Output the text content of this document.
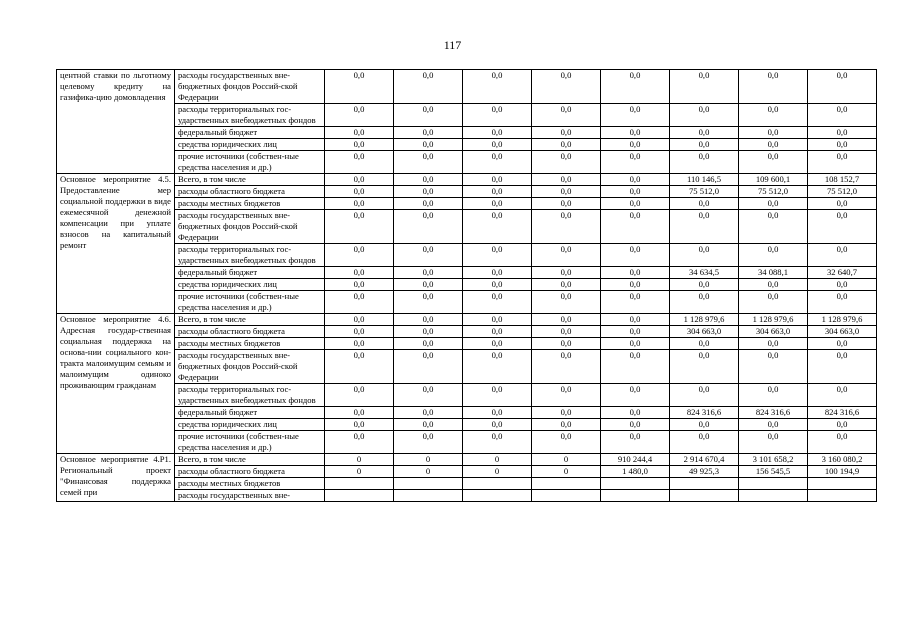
117
центной ставки по льготному целевому кредиту на газифика-цию домовладения	расходы государственных вне-бюджетных фондов Россий-ской Федерации	0,0	0,0	0,0	0,0	0,0	0,0	0,0	0,0
	расходы территориальных гос-ударственных внебюджетных фондов	0,0	0,0	0,0	0,0	0,0	0,0	0,0	0,0
	федеральный бюджет	0,0	0,0	0,0	0,0	0,0	0,0	0,0	0,0
	средства юридических лиц	0,0	0,0	0,0	0,0	0,0	0,0	0,0	0,0
	прочие источники (собствен-ные средства населения и др.)	0,0	0,0	0,0	0,0	0,0	0,0	0,0	0,0
Основное мероприятие 4.5. Предоставление мер социальной поддержки в виде ежемесячной денежной компенсации при уплате взносов на капитальный ремонт	Всего, в том числе	0,0	0,0	0,0	0,0	0,0	110 146,5	109 600,1	108 152,7
	расходы областного бюджета	0,0	0,0	0,0	0,0	0,0	75 512,0	75 512,0	75 512,0
	расходы местных бюджетов	0,0	0,0	0,0	0,0	0,0	0,0	0,0	0,0
	расходы государственных вне-бюджетных фондов Россий-ской Федерации	0,0	0,0	0,0	0,0	0,0	0,0	0,0	0,0
	расходы территориальных гос-ударственных внебюджетных фондов	0,0	0,0	0,0	0,0	0,0	0,0	0,0	0,0
	федеральный бюджет	0,0	0,0	0,0	0,0	0,0	34 634,5	34 088,1	32 640,7
	средства юридических лиц	0,0	0,0	0,0	0,0	0,0	0,0	0,0	0,0
	прочие источники (собствен-ные средства населения и др.)	0,0	0,0	0,0	0,0	0,0	0,0	0,0	0,0
Основное мероприятие 4.6. Адресная государ-ственная социальная поддержка на основа-нии социального кон-тракта малоимущим семьям и малоимущим одиноко проживающим гражданам	Всего, в том числе	0,0	0,0	0,0	0,0	0,0	1 128 979,6	1 128 979,6	1 128 979,6
	расходы областного бюджета	0,0	0,0	0,0	0,0	0,0	304 663,0	304 663,0	304 663,0
	расходы местных бюджетов	0,0	0,0	0,0	0,0	0,0	0,0	0,0	0,0
	расходы государственных вне-бюджетных фондов Россий-ской Федерации	0,0	0,0	0,0	0,0	0,0	0,0	0,0	0,0
	расходы территориальных гос-ударственных внебюджетных фондов	0,0	0,0	0,0	0,0	0,0	0,0	0,0	0,0
	федеральный бюджет	0,0	0,0	0,0	0,0	0,0	824 316,6	824 316,6	824 316,6
	средства юридических лиц	0,0	0,0	0,0	0,0	0,0	0,0	0,0	0,0
	прочие источники (собствен-ные средства населения и др.)	0,0	0,0	0,0	0,0	0,0	0,0	0,0	0,0
Основное мероприятие 4.Р1. Региональный проект "Финансовая поддержка семей при	Всего, в том числе	0	0	0	0	910 244,4	2 914 670,4	3 101 658,2	3 160 080,2
	расходы областного бюджета	0	0	0	0	1 480,0	49 925,3	156 545,5	100 194,9
	расходы местных бюджетов								
	расходы государственных вне-								
